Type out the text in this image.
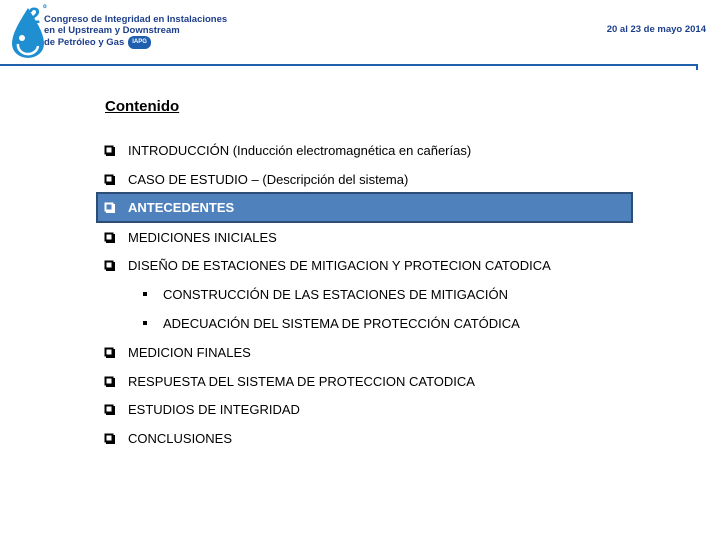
2 º
Congreso de Integridad en Instalaciones
en el Upstream y Downstream
de Petróleo y Gas IAPG
20 al 23 de mayo 2014
Contenido
INTRODUCCIÓN (Inducción electromagnética en cañerías)
CASO DE ESTUDIO – (Descripción del sistema)
ANTECEDENTES
MEDICIONES INICIALES
DISEÑO DE ESTACIONES DE MITIGACION Y PROTECION CATODICA
CONSTRUCCIÓN DE LAS ESTACIONES DE MITIGACIÓN
ADECUACIÓN DEL SISTEMA DE PROTECCIÓN CATÓDICA
MEDICION FINALES
RESPUESTA DEL SISTEMA DE PROTECCION CATODICA
ESTUDIOS DE INTEGRIDAD
CONCLUSIONES
